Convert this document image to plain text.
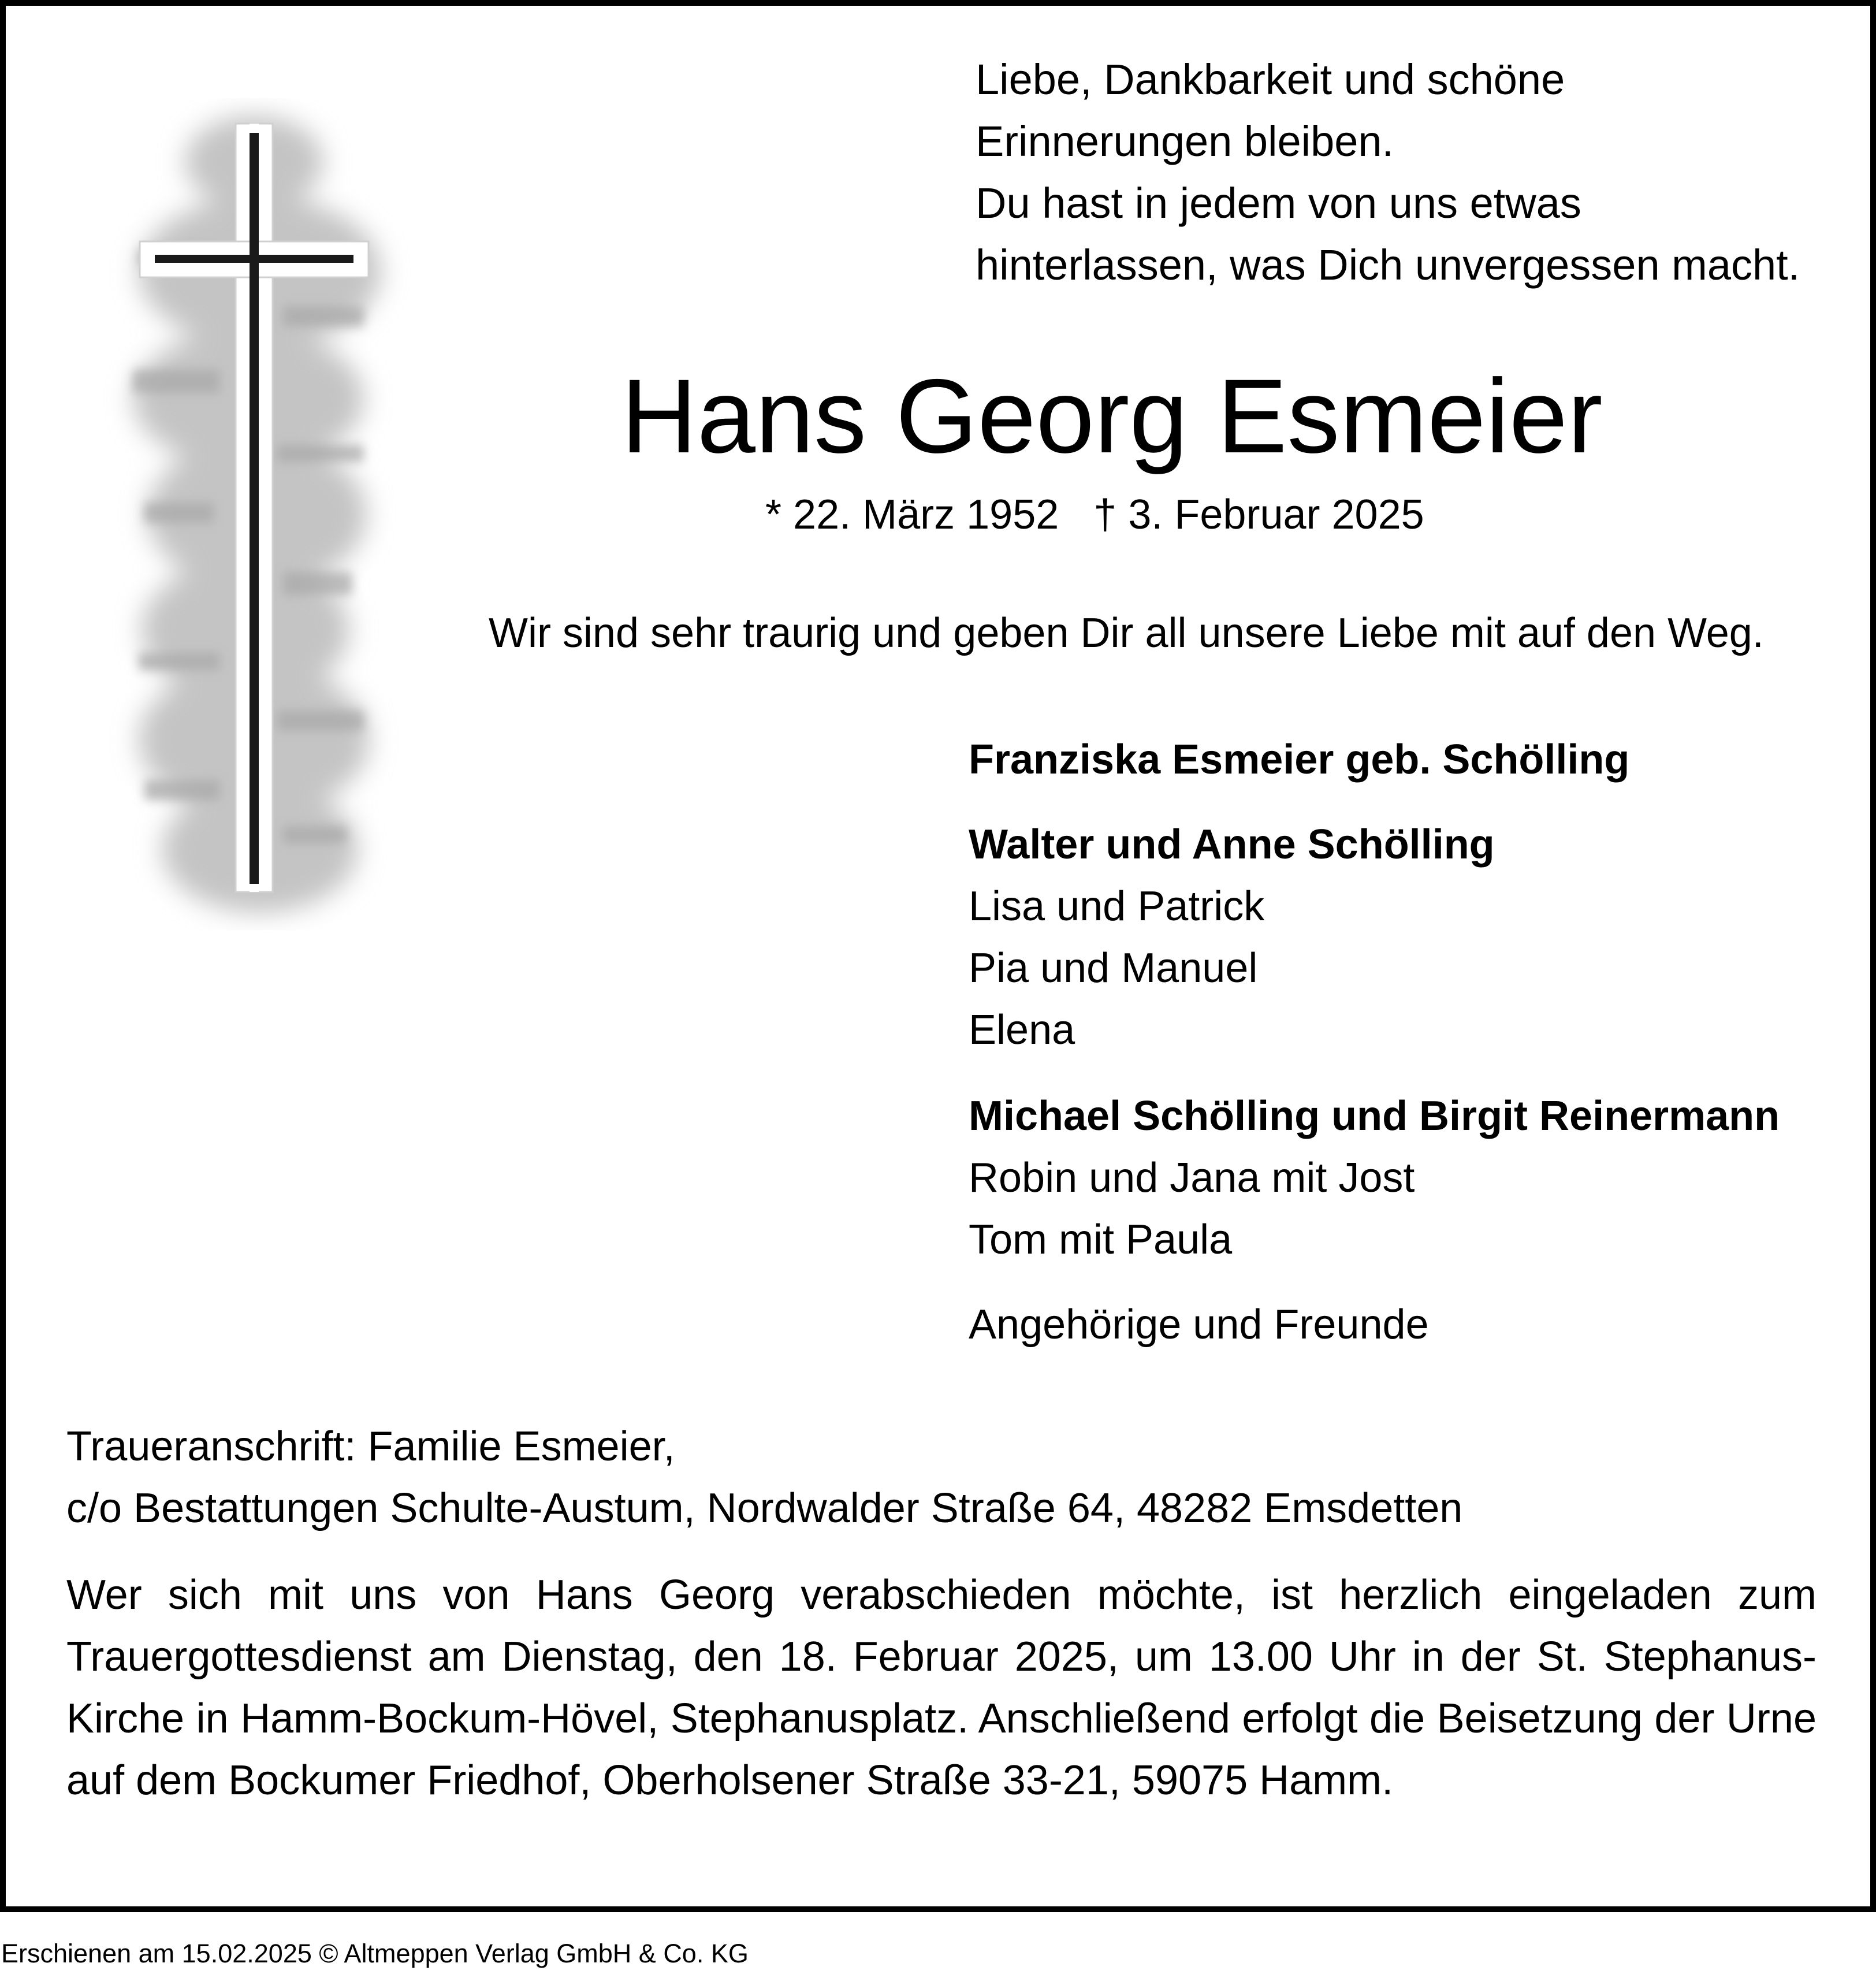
Liebe, Dankbarkeit und schöne
Erinnerungen bleiben.
Du hast in jedem von uns etwas
hinterlassen, was Dich unvergessen macht.
Hans Georg Esmeier
* 22. März 1952 † 3. Februar 2025
Wir sind sehr traurig und geben Dir all unsere Liebe mit auf den Weg.
Franziska Esmeier geb. Schölling
Walter und Anne Schölling
Lisa und Patrick
Pia und Manuel
Elena
Michael Schölling und Birgit Reinermann
Robin und Jana mit Jost
Tom mit Paula
Angehörige und Freunde
Traueranschrift: Familie Esmeier,
c/o Bestattungen Schulte-Austum, Nordwalder Straße 64, 48282 Emsdetten
Wer sich mit uns von Hans Georg verabschieden möchte, ist herzlich eingeladen zum Trauergottesdienst am Dienstag, den 18. Februar 2025, um 13.00 Uhr in der St. Stephanus-Kirche in Hamm-Bockum-Hövel, Stephanusplatz. Anschließend erfolgt die Beisetzung der Urne auf dem Bockumer Friedhof, Oberholsener Straße 33-21, 59075 Hamm.
Erschienen am 15.02.2025 © Altmeppen Verlag GmbH & Co. KG
